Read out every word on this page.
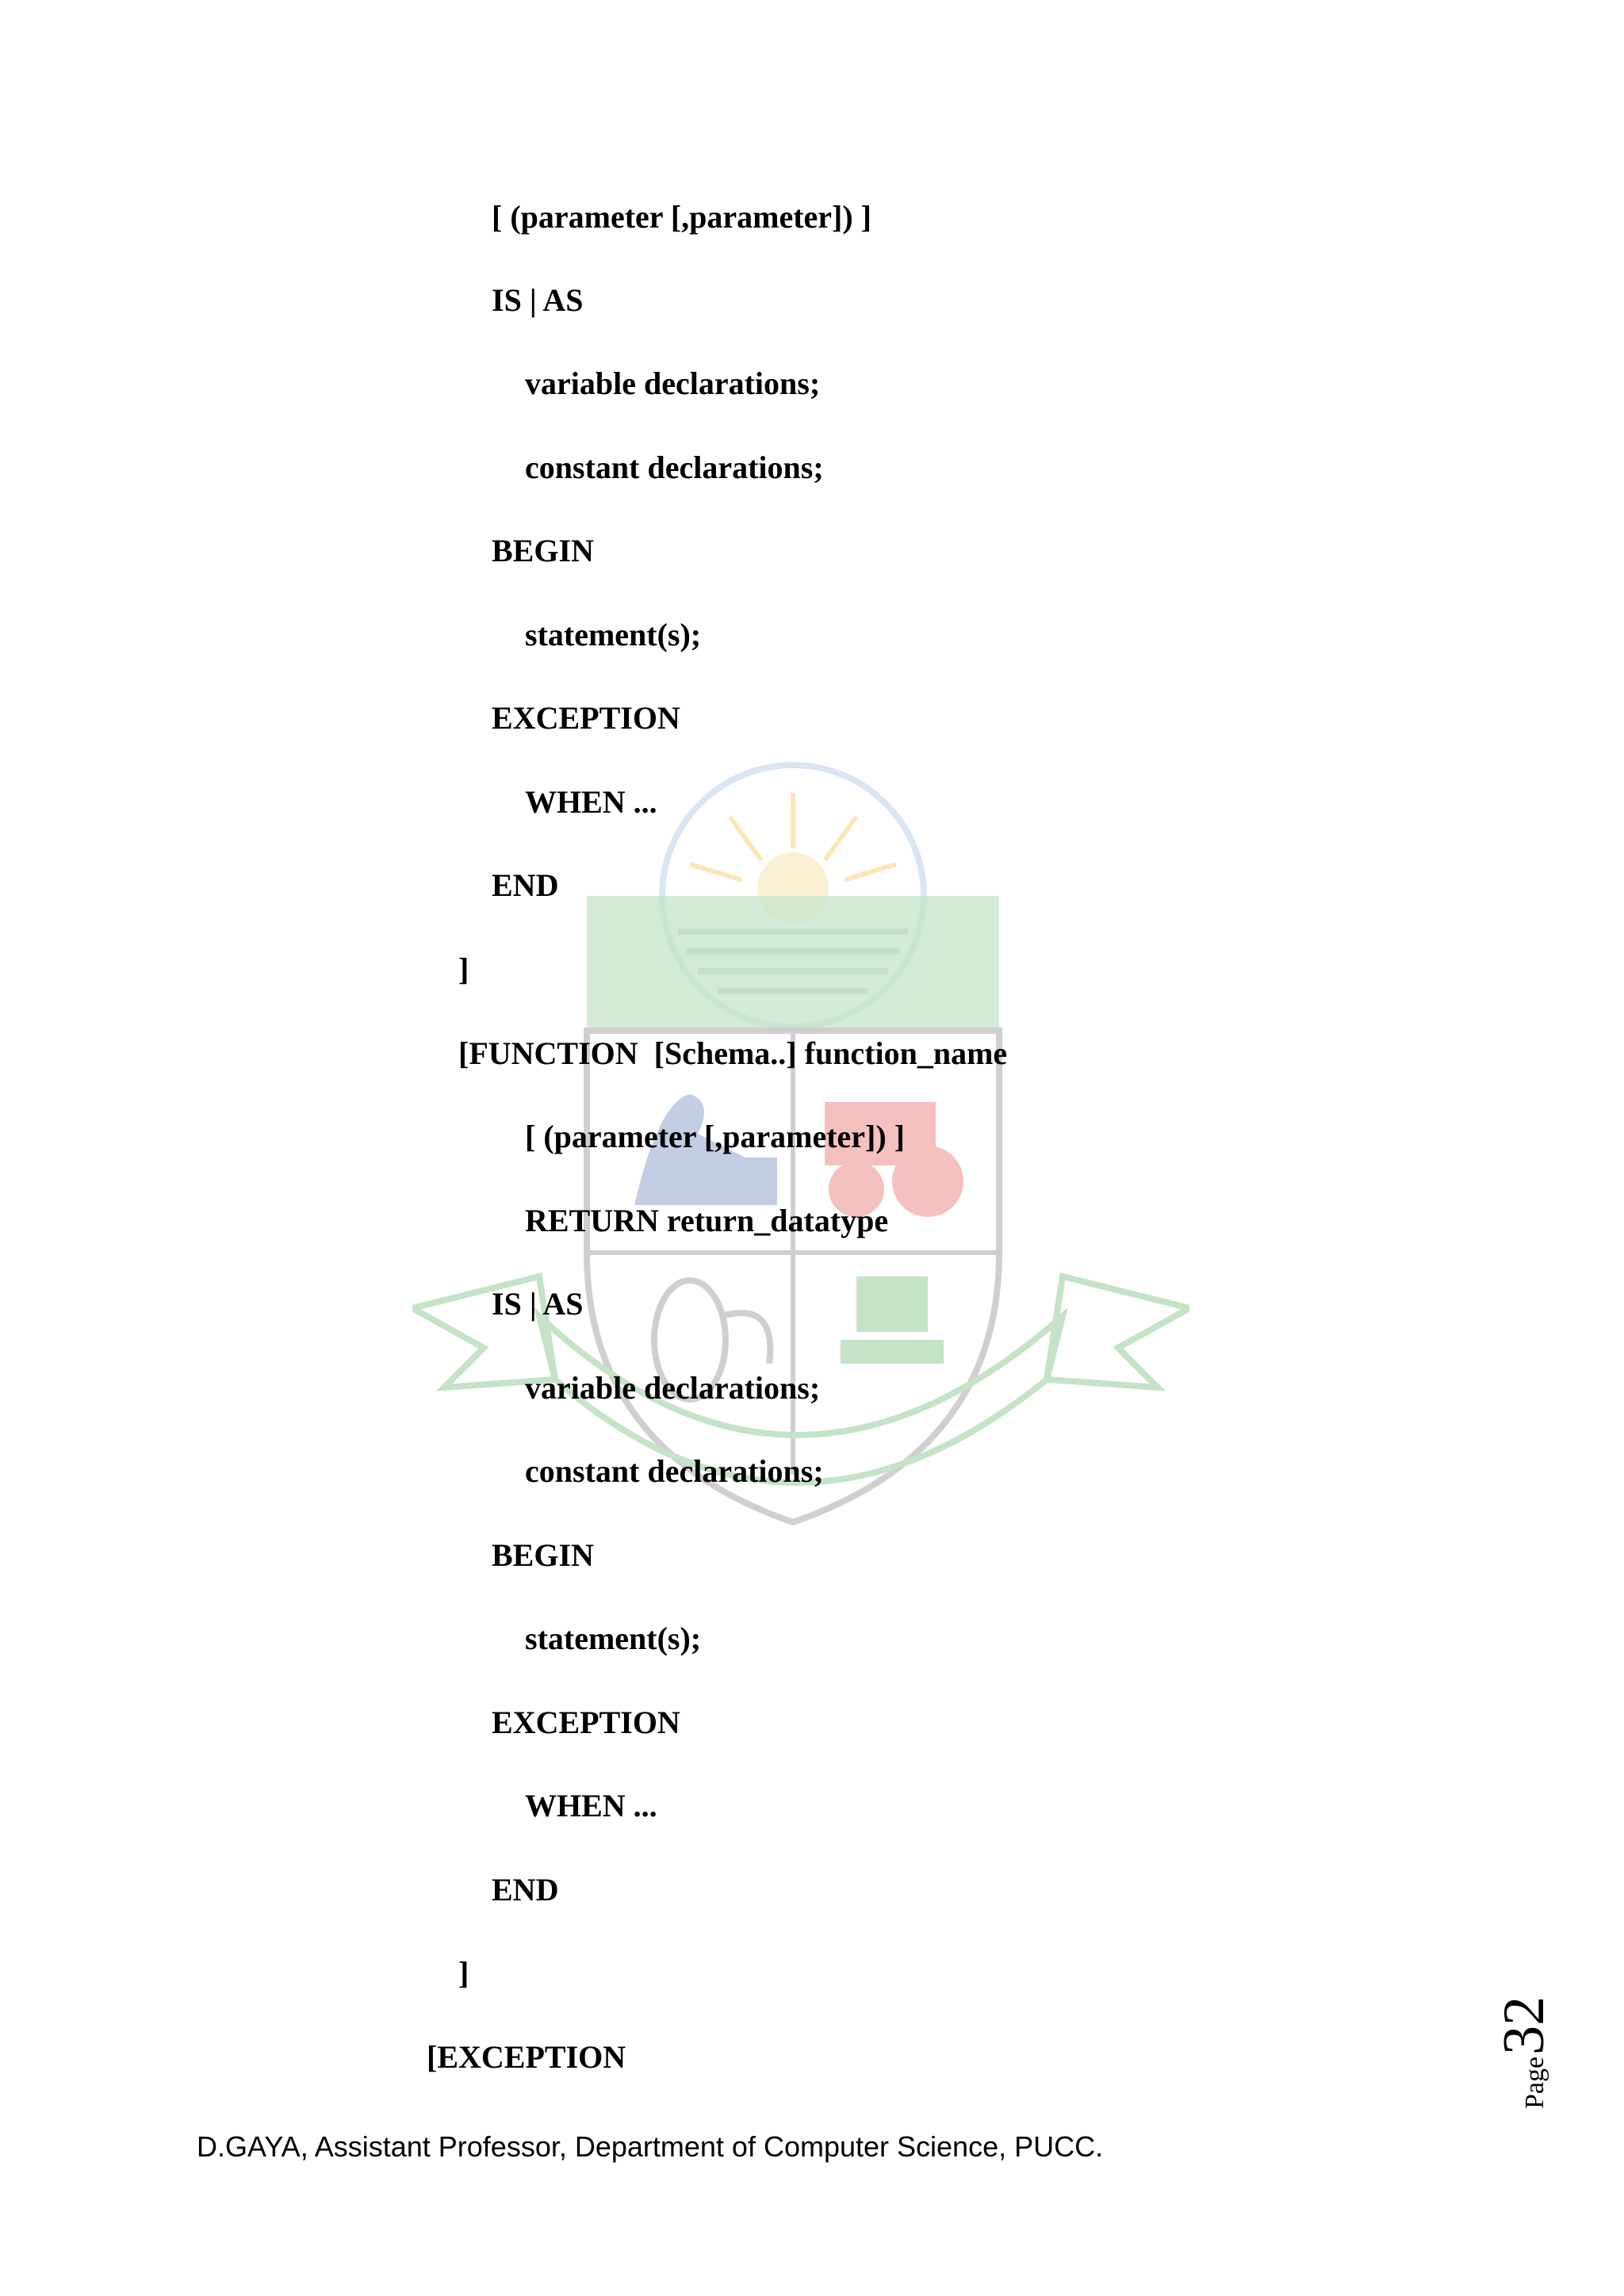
[ (parameter [,parameter]) ]
IS | AS
variable declarations;
constant declarations;
BEGIN
statement(s);
EXCEPTION
WHEN ...
END
]
[FUNCTION  [Schema..] function_name
[ (parameter [,parameter]) ]
RETURN return_datatype
IS | AS
variable declarations;
constant declarations;
BEGIN
statement(s);
EXCEPTION
WHEN ...
END
]
[EXCEPTION
D.GAYA, Assistant Professor, Department of Computer Science, PUCC.
Page32
